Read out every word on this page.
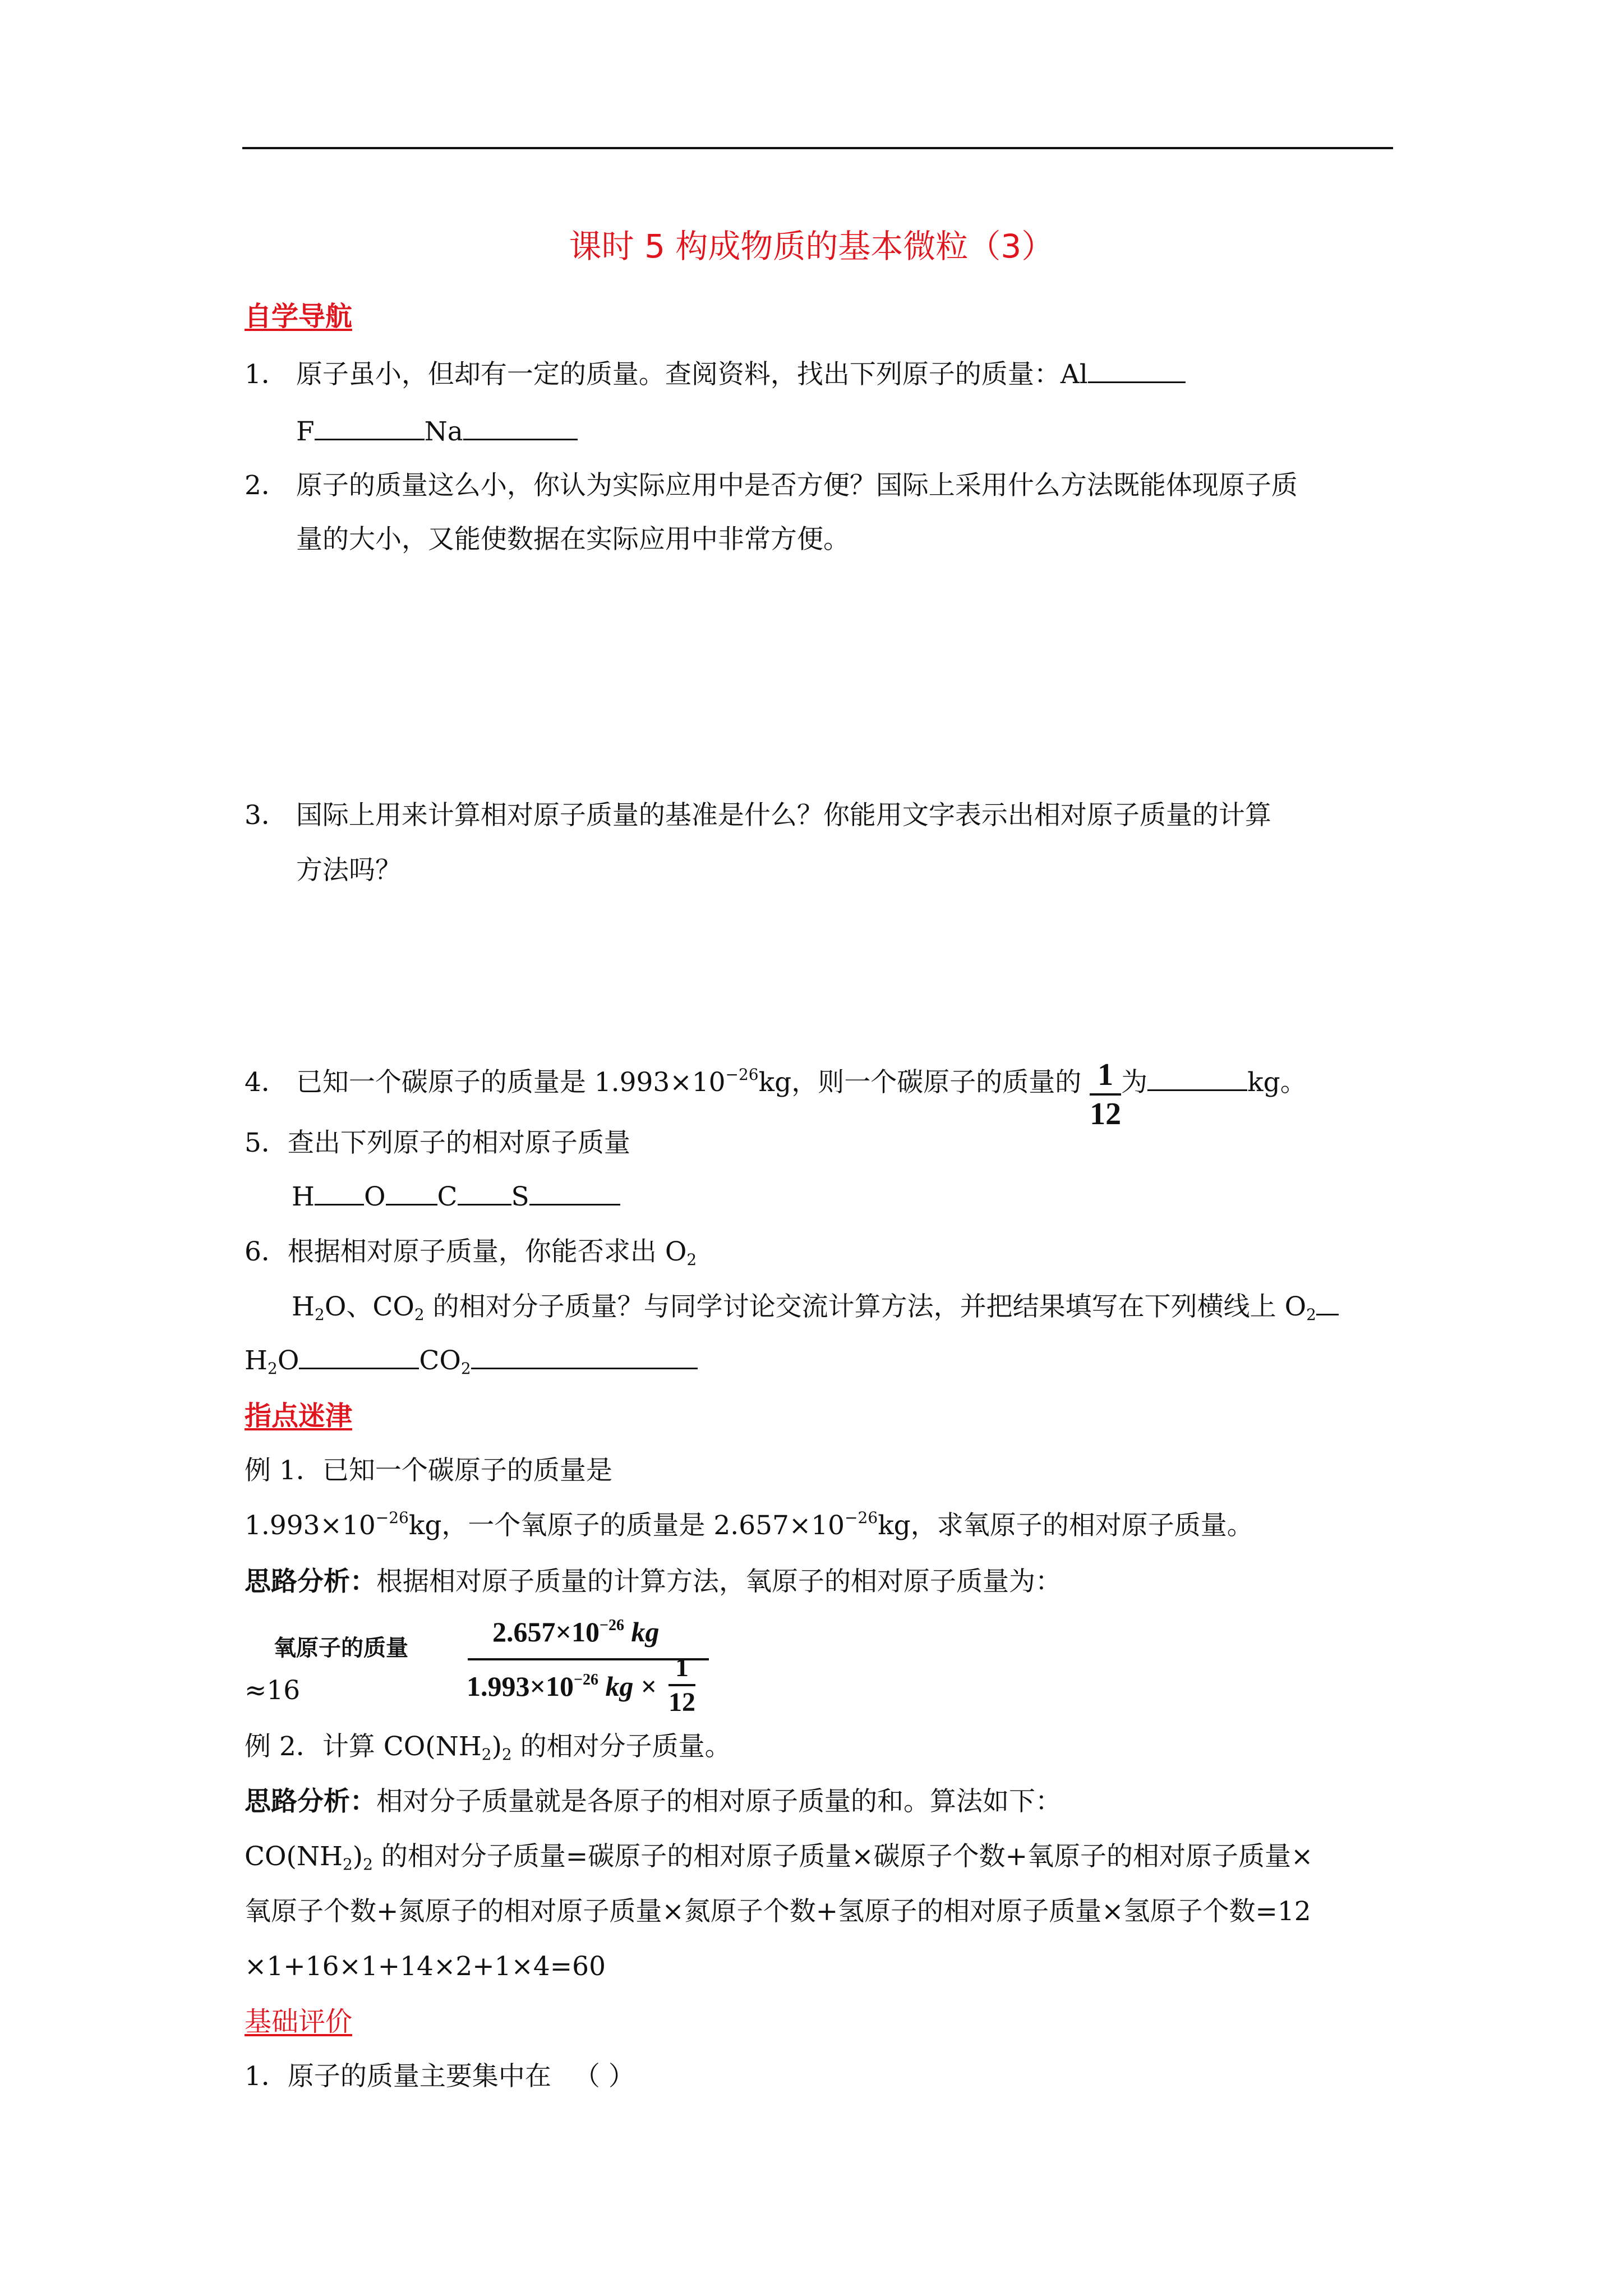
课时 5 构成物质的基本微粒（3）
自学导航
1． 原子虽小，但却有一定的质量。查阅资料，找出下列原子的质量：Al
F	Na
2． 原子的质量这么小，你认为实际应用中是否方便？国际上采用什么方法既能体现原子质
量的大小，又能使数据在实际应用中非常方便。
3． 国际上用来计算相对原子质量的基准是什么？你能用文字表示出相对原子质量的计算
方法吗？
4． 已知一个碳原子的质量是 $1.993\times 10^{-26}kg$，则一个碳原子的质量的 $\frac{1}{12}$ 为	kg。
5．查出下列原子的相对原子质量
H O C S
6．根据相对原子质量，你能否求出 $O_2$
$H_2O$、$CO_2$ 的相对分子质量？与同学讨论交流计算方法，并把结果填写在下列横线上 $O_2$
$H_2O$	$CO_2$
指点迷津
例 1．已知一个碳原子的质量是
$1.993\times 10^{-26}kg$，一个氧原子的质量是 $2.657\times 10^{-26}kg$，求氧原子的相对原子质量。
思路分析：根据相对原子质量的计算方法，氧原子的相对原子质量为：
氧原子的质量
$2.657\times 10^{-26}$ kg
$1.993\times 10^{-26}$ kg × $\frac{1}{12}$
≈16
例 2．计算 $CO(NH_2)_2$ 的相对分子质量。
思路分析：相对分子质量就是各原子的相对原子质量的和。算法如下：
$CO(NH_2)_2$ 的相对分子质量=碳原子的相对原子质量×碳原子个数+氧原子的相对原子质量×
氧原子个数+氮原子的相对原子质量×氮原子个数+氢原子的相对原子质量×氢原子个数=12
×1+16×1+14×2+1×4=60
基础评价
1．原子的质量主要集中在 （ ）
